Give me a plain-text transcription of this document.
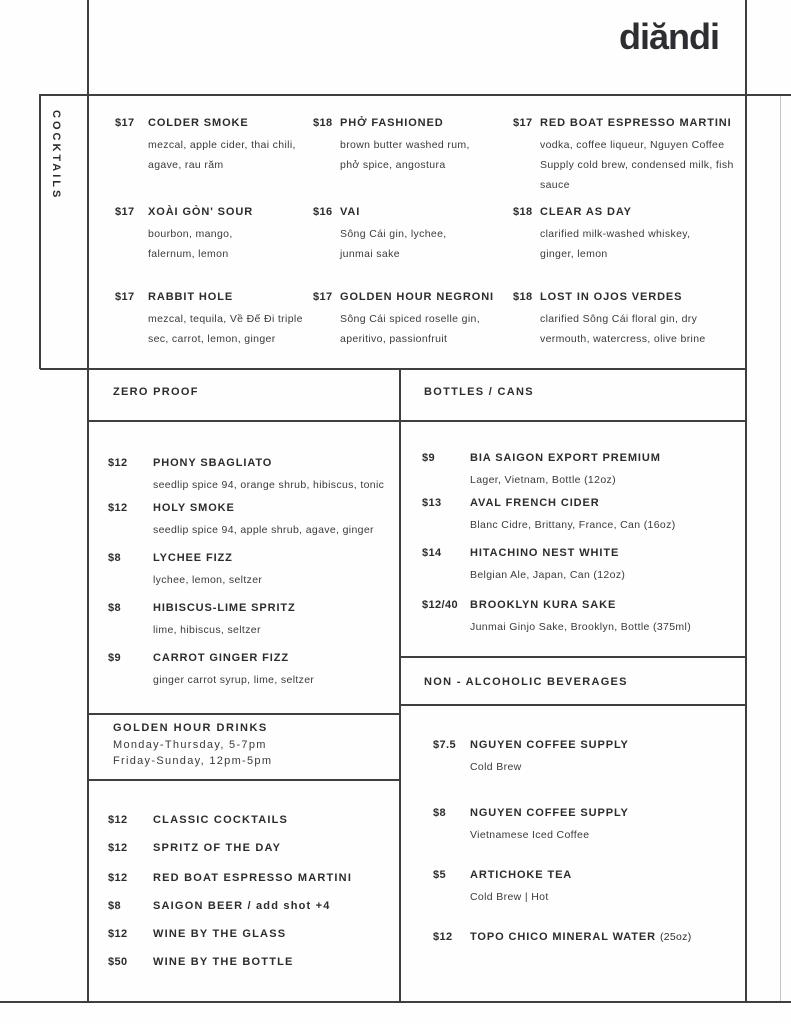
diăndi
COCKTAILS	$17	COLDER SMOKE
mezcal, apple cider, thai chili, agave, rau răm
$18 PHỞ FASHIONED
brown butter washed rum, phở spice, angostura
$17 RED BOAT ESPRESSO MARTINI
vodka, coffee liqueur, Nguyen Coffee Supply cold brew, condensed milk, fish sauce
$17	XOÀI GÒN' SOUR
bourbon, mango, falernum, lemon
$16 VAI
Sông Cái gin, lychee, junmai sake
$18 CLEAR AS DAY
clarified milk-washed whiskey, ginger, lemon
$17	RABBIT HOLE
mezcal, tequila, Về Đế Đi triple sec, carrot, lemon, ginger
$17 GOLDEN HOUR NEGRONI
Sông Cái spiced roselle gin, aperitivo, passionfruit
$18 LOST IN OJOS VERDES
clarified Sông Cái floral gin, dry vermouth, watercress, olive brine
ZERO PROOF	BOTTLES / CANS
NON - ALCOHOLIC BEVERAGES
$12	PHONY SBAGLIATO
seedlip spice 94, orange shrub, hibiscus, tonic
$12	HOLY SMOKE
seedlip spice 94, apple shrub, agave, ginger
$8	LYCHEE FIZZ
lychee, lemon, seltzer
$8	HIBISCUS-LIME SPRITZ
lime, hibiscus, seltzer
$9	CARROT GINGER FIZZ
ginger carrot syrup, lime, seltzer
$9	BIA SAIGON EXPORT PREMIUM
Lager, Vietnam, Bottle (12oz)
$13	AVAL FRENCH CIDER
Blanc Cidre, Brittany, France, Can (16oz)
$14	HITACHINO NEST WHITE
Belgian Ale, Japan, Can (12oz)
$12/40	BROOKLYN KURA SAKE
Junmai Ginjo Sake, Brooklyn, Bottle (375ml)
$7.5	NGUYEN COFFEE SUPPLY
Cold Brew
$8	NGUYEN COFFEE SUPPLY
Vietnamese Iced Coffee
$5	ARTICHOKE TEA
Cold Brew | Hot
$12	TOPO CHICO MINERAL WATER (25oz)
GOLDEN HOUR DRINKS
Monday-Thursday, 5-7pm
Friday-Sunday, 12pm-5pm
$12	CLASSIC COCKTAILS
$12	SPRITZ OF THE DAY
$12	RED BOAT ESPRESSO MARTINI
$8	SAIGON BEER / add shot +4
$12	WINE BY THE GLASS
$50	WINE BY THE BOTTLE
